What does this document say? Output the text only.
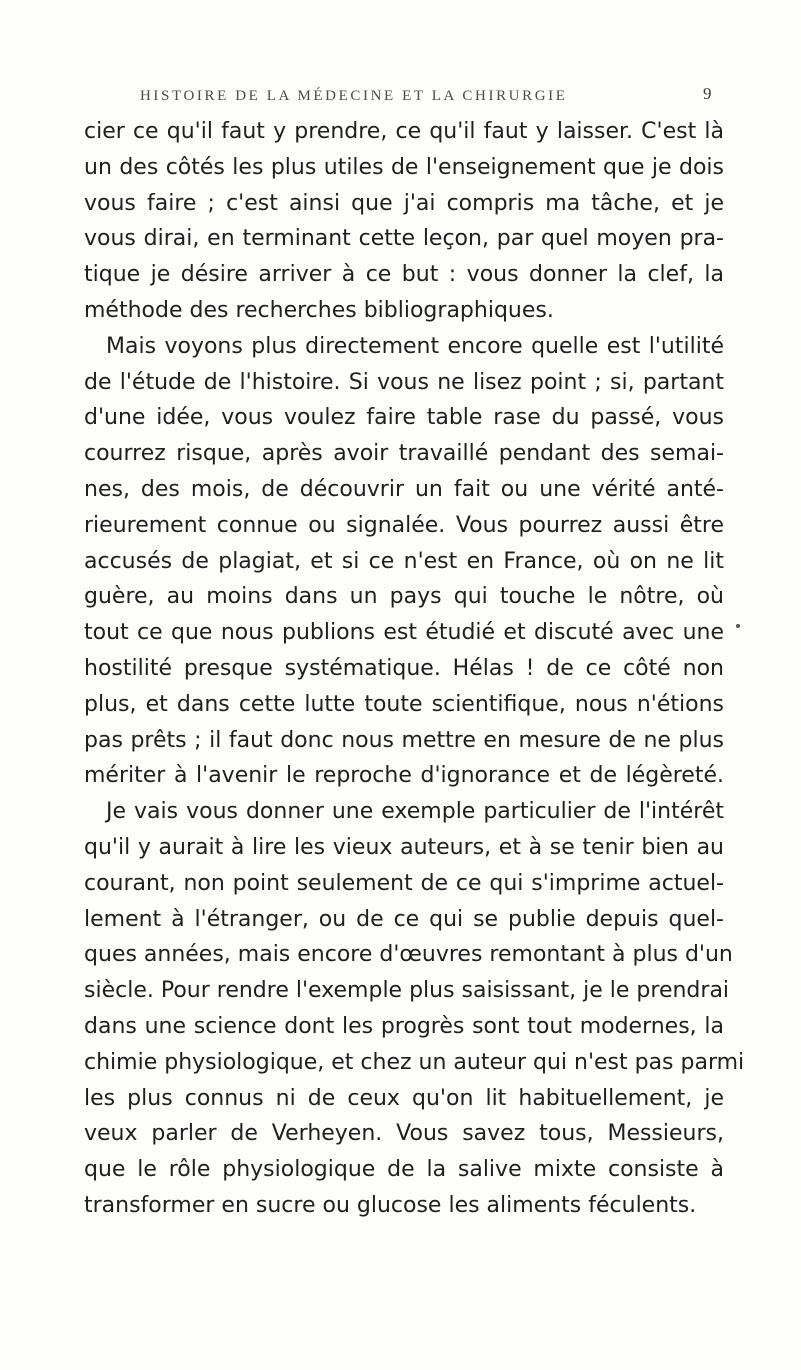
HISTOIRE DE LA MÉDECINE ET LA CHIRURGIE	9
cier ce qu'il faut y prendre, ce qu'il faut y laisser. C'est là
un des côtés les plus utiles de l'enseignement que je dois
vous faire ; c'est ainsi que j'ai compris ma tâche, et je
vous dirai, en terminant cette leçon, par quel moyen pra-
tique je désire arriver à ce but : vous donner la clef, la
méthode des recherches bibliographiques.
Mais voyons plus directement encore quelle est l'utilité
de l'étude de l'histoire. Si vous ne lisez point ; si, partant
d'une idée, vous voulez faire table rase du passé, vous
courrez risque, après avoir travaillé pendant des semai-
nes, des mois, de découvrir un fait ou une vérité anté-
rieurement connue ou signalée. Vous pourrez aussi être
accusés de plagiat, et si ce n'est en France, où on ne lit
guère, au moins dans un pays qui touche le nôtre, où
tout ce que nous publions est étudié et discuté avec une
hostilité presque systématique. Hélas ! de ce côté non
plus, et dans cette lutte toute scientifique, nous n'étions
pas prêts ; il faut donc nous mettre en mesure de ne plus
mériter à l'avenir le reproche d'ignorance et de légèreté.
Je vais vous donner une exemple particulier de l'intérêt
qu'il y aurait à lire les vieux auteurs, et à se tenir bien au
courant, non point seulement de ce qui s'imprime actuel-
lement à l'étranger, ou de ce qui se publie depuis quel-
ques années, mais encore d'œuvres remontant à plus d'un
siècle. Pour rendre l'exemple plus saisissant, je le prendrai
dans une science dont les progrès sont tout modernes, la
chimie physiologique, et chez un auteur qui n'est pas parmi
les plus connus ni de ceux qu'on lit habituellement, je
veux parler de Verheyen. Vous savez tous, Messieurs,
que le rôle physiologique de la salive mixte consiste à
transformer en sucre ou glucose les aliments féculents.
